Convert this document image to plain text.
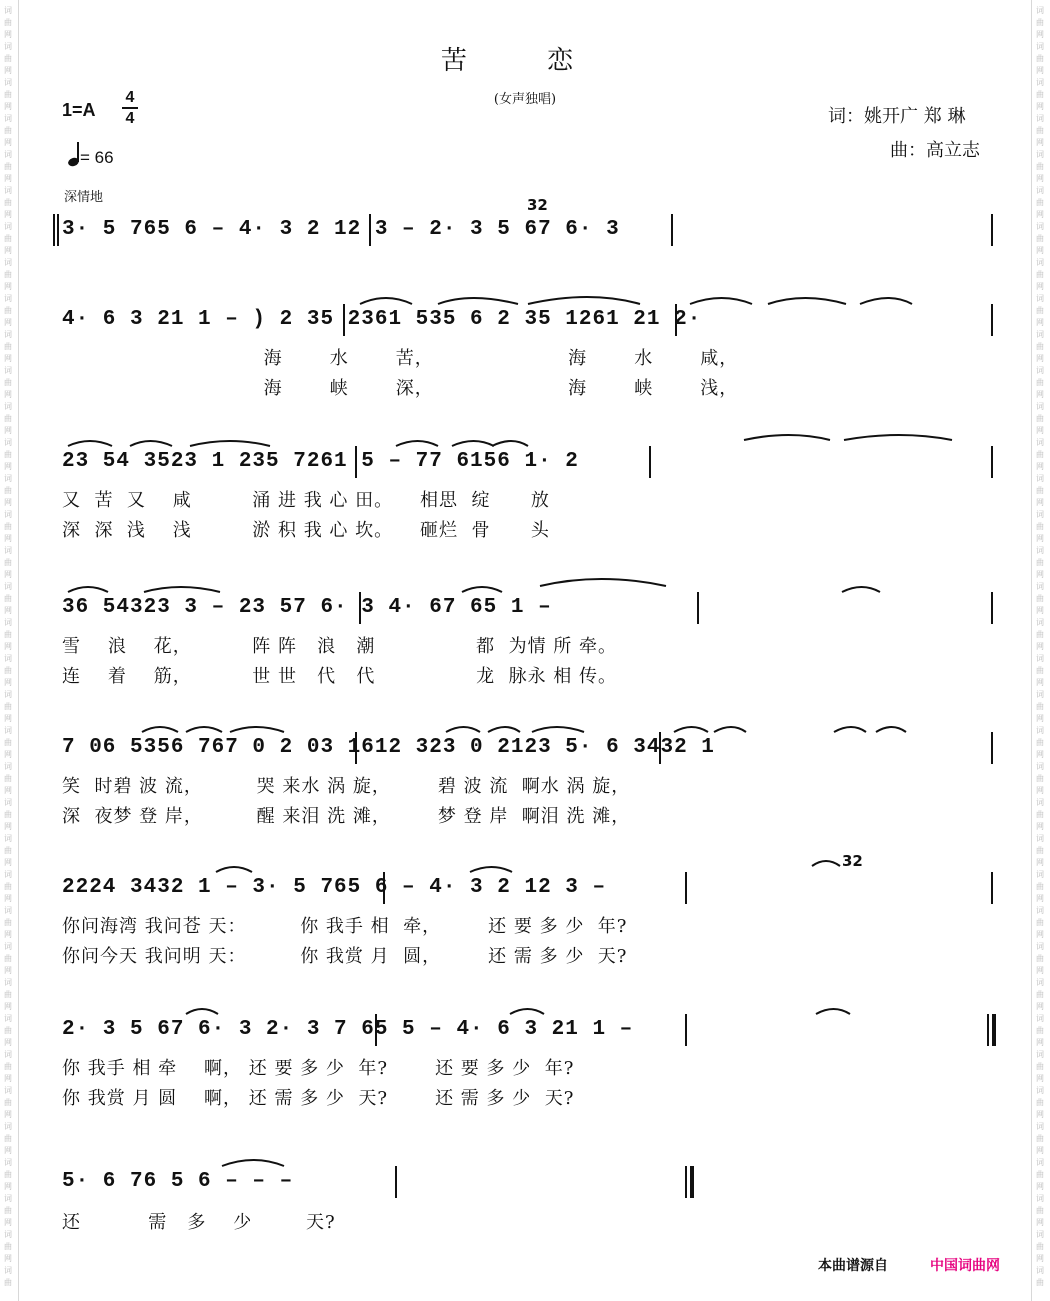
词
曲
网
词
曲
网
词
曲
网
词
曲
网
词
曲
网
词
曲
网
词
曲
网
词
曲
网
词
曲
网
词
曲
网
词
曲
网
词
曲
网
词
曲
网
词
曲
网
词
曲
网
词
曲
网
词
曲
网
词
曲
网
词
曲
网
词
曲
网
词
曲
网
词
曲
网
词
曲
网
词
曲
网
词
曲
网
词
曲
网
词
曲
网
词
曲
网
词
曲
网
词
曲
网
词
曲
网
词
曲
网
词
曲
网
词
曲
网
词
曲
网
词
曲
词
曲
网
词
曲
网
词
曲
网
词
曲
网
词
曲
网
词
曲
网
词
曲
网
词
曲
网
词
曲
网
词
曲
网
词
曲
网
词
曲
网
词
曲
网
词
曲
网
词
曲
网
词
曲
网
词
曲
网
词
曲
网
词
曲
网
词
曲
网
词
曲
网
词
曲
网
词
曲
网
词
曲
网
词
曲
网
词
曲
网
词
曲
网
词
曲
网
词
曲
网
词
曲
网
词
曲
网
词
曲
网
词
曲
网
词
曲
网
词
曲
网
词
曲
苦 恋
(女声独唱)
1=A
4
4
= 66
深情地
词：姚开广 郑 琳
曲：高立志
32
32
3· 5 765 6 – 4· 3 2 12 3 – 2· 3 5 67 6· 3
4· 6 3 21 1 – ) 2 35 2361 535 6 2 35 1261 21 2·
海       水       苦，                    海       水       咸，
海       峡       深，                    海       峡       浅，
23 54 3523 1 235 7261 5 – 77 6156 1· 2
又  苦  又    咸         涌 进 我 心 田。    相思  绽      放
深  深  浅    浅         淤 积 我 心 坎。    砸烂  骨      头
36 54323 3 – 23 57 6· 3 4· 67 65 1 –
雪    浪    花，         阵 阵   浪   潮               都  为情 所 牵。
连    着    筋，         世 世   代   代               龙  脉永 相 传。
7 06 5356 767 0 2 03 1612 323 0 2123 5· 6 3432 1
笑  时碧 波 流，        哭 来水 涡 旋，       碧 波 流  啊水 涡 旋，
深  夜梦 登 岸，        醒 来泪 洗 滩，       梦 登 岸  啊泪 洗 滩，
2224 3432 1 – 3· 5 765 6 – 4· 3 2 12 3 –
你问海湾 我问苍 天：        你 我手 相  牵，       还 要 多 少  年?
你问今天 我问明 天：        你 我赏 月  圆，       还 需 多 少  天?
2· 3 5 67 6· 3 2· 3 7 65 5 – 4· 6 3 21 1 –
你 我手 相 牵    啊， 还 要 多 少  年?       还 要 多 少  年?
你 我赏 月 圆    啊， 还 需 多 少  天?       还 需 多 少  天?
5· 6 76 5 6 – – –
还          需   多    少        天?
本曲谱源自	中国词曲网
